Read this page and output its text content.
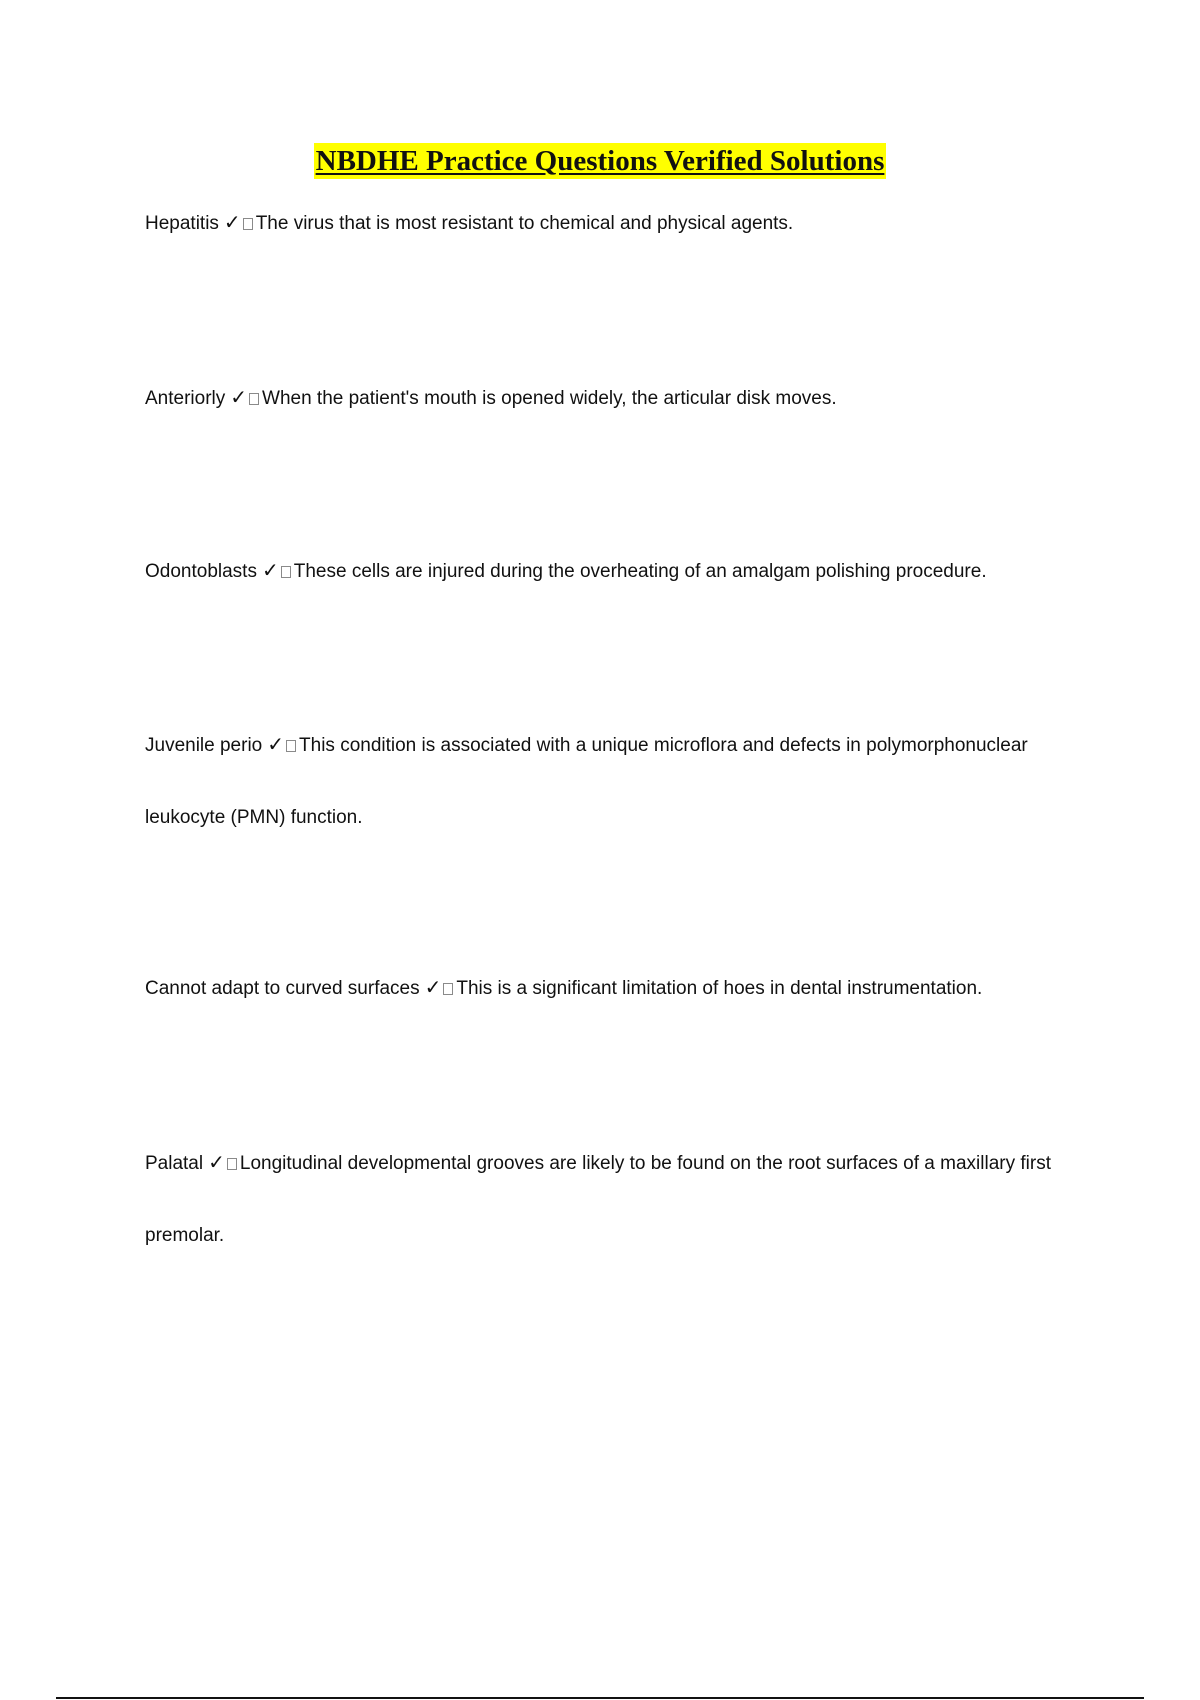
NBDHE Practice Questions Verified Solutions
Hepatitis ✓ The virus that is most resistant to chemical and physical agents.
Anteriorly ✓ When the patient's mouth is opened widely, the articular disk moves.
Odontoblasts ✓ These cells are injured during the overheating of an amalgam polishing procedure.
Juvenile perio ✓ This condition is associated with a unique microflora and defects in polymorphonuclear leukocyte (PMN) function.
Cannot adapt to curved surfaces ✓ This is a significant limitation of hoes in dental instrumentation.
Palatal ✓ Longitudinal developmental grooves are likely to be found on the root surfaces of a maxillary first premolar.
